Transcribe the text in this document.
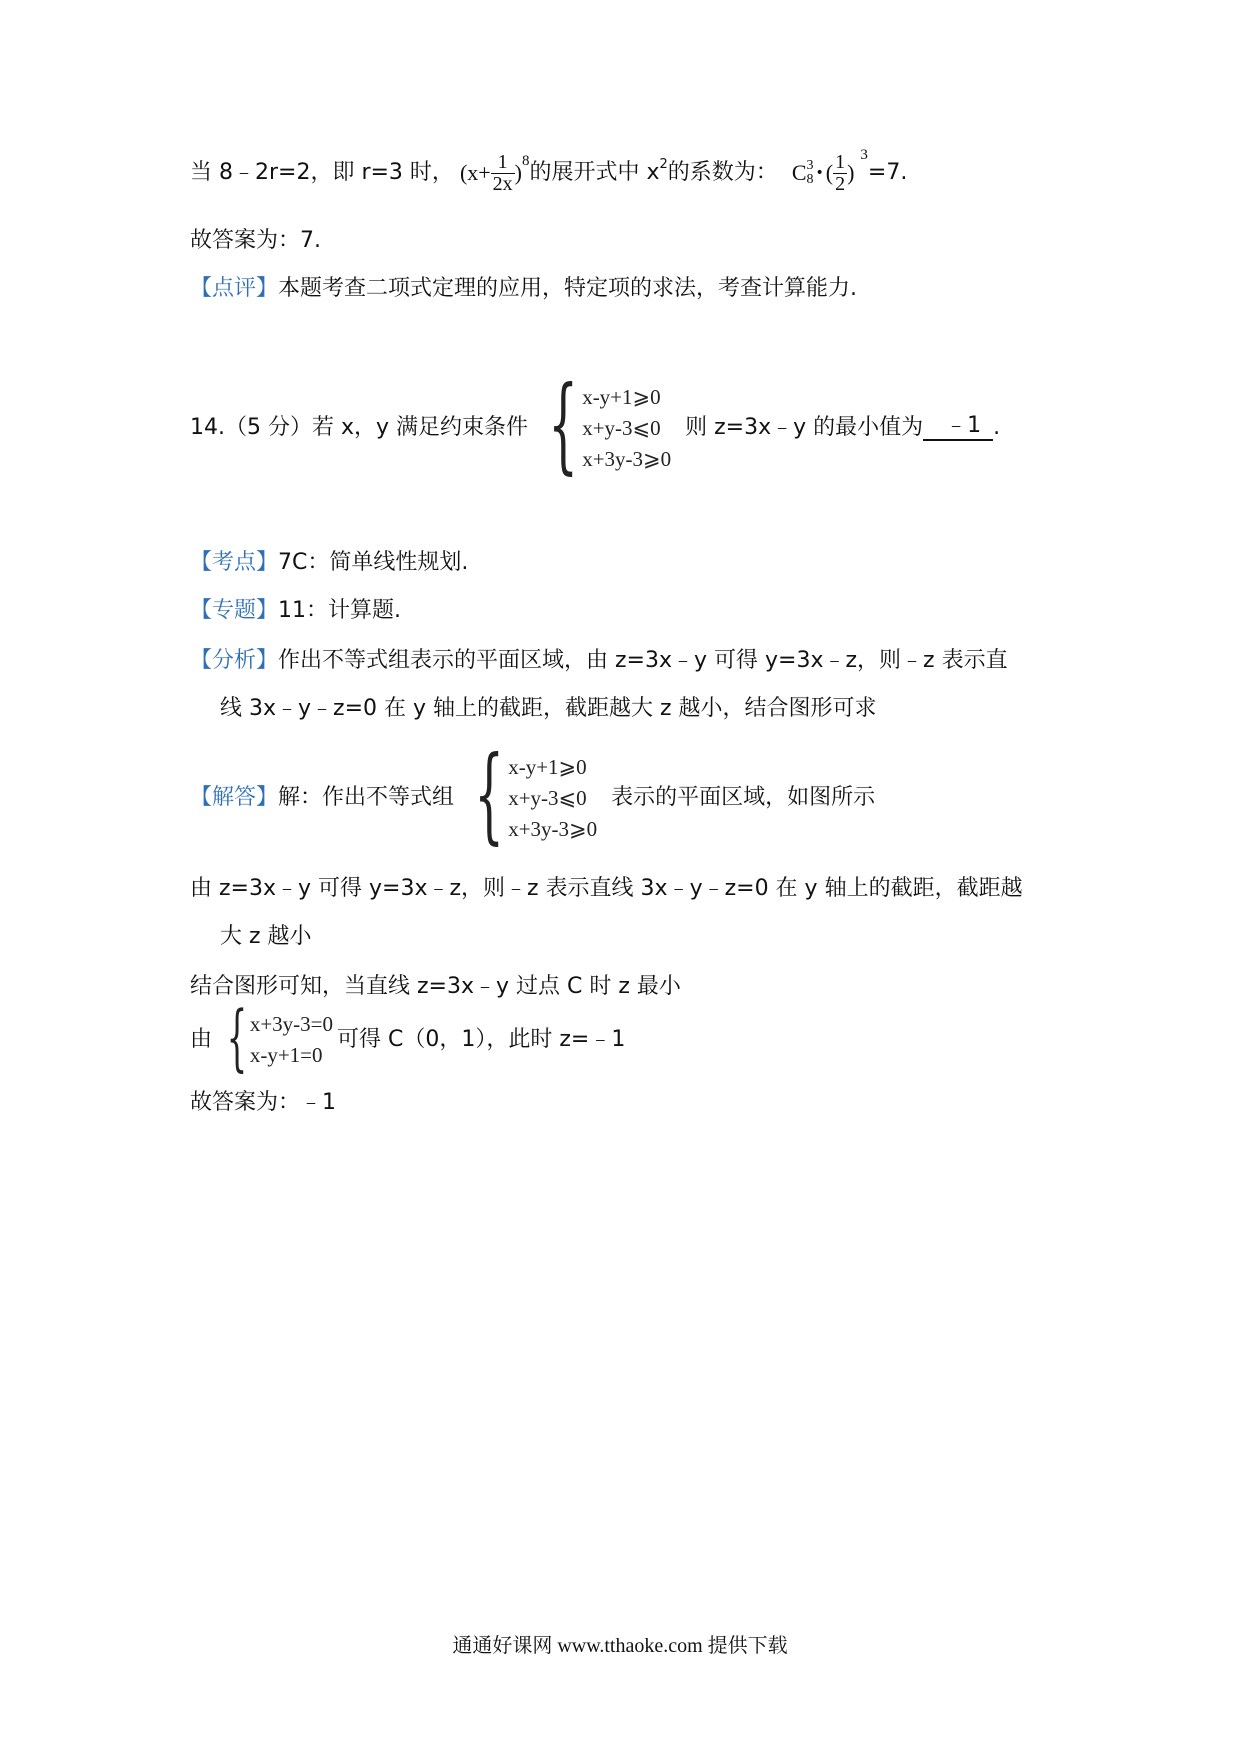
当 8﹣2r=2，即 r=3 时， ($x+ \frac{1}{2x}$ ) 8 的展开式中 x 2 的系数为： C 3
8 • ( $\frac{1}{2}$ )
3
=7.
故答案为：7.
【点评】本题考查二项式定理的应用，特定项的求法，考查计算能力.
14.（5 分）若 x，y 满足约束条件 { x-y+1⩾0
x+y-3⩽0
x+3y-3⩾0
则 z=3x﹣y 的最小值为	﹣1 .
【考点】7C：简单线性规划.
【专题】11：计算题.
【分析】作出不等式组表示的平面区域，由 z=3x﹣y 可得 y=3x﹣z，则﹣z 表示直
线 3x﹣y﹣z=0 在 y 轴上的截距，截距越大 z 越小，结合图形可求
【解答】 解：作出不等式组 { x-y+1⩾0
x+y-3⩽0
x+3y-3⩾0
表示的平面区域，如图所示
由 z=3x﹣y 可得 y=3x﹣z，则﹣z 表示直线 3x﹣y﹣z=0 在 y 轴上的截距，截距越
大 z 越小
结合图形可知，当直线 z=3x﹣y 过点 C 时 z 最小
由 { x+3y-3=0
x-y+1=0
可得 C（0，1），此时 z=﹣1
故答案为：﹣1
通通好课网 www.tthaoke.com 提供下载
